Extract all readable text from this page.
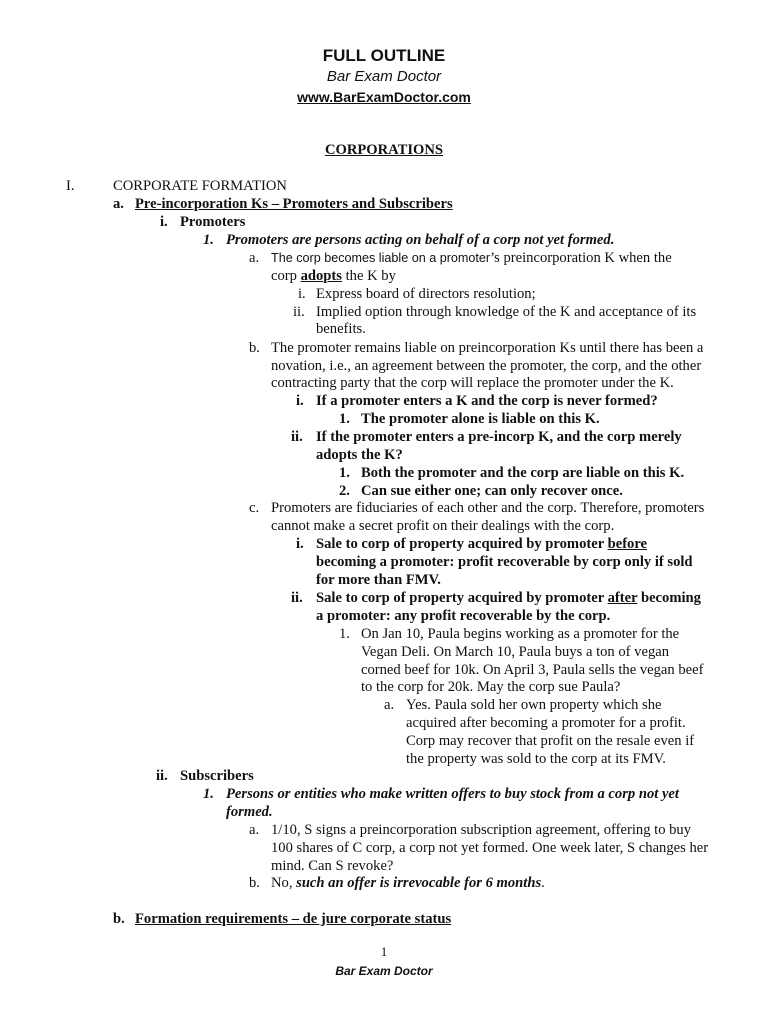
FULL OUTLINE
Bar Exam Doctor
www.BarExamDoctor.com
CORPORATIONS
I.	CORPORATE FORMATION
a. Pre-incorporation Ks – Promoters and Subscribers
i. Promoters
1. Promoters are persons acting on behalf of a corp not yet formed.
a. The corp becomes liable on a promoter’s preincorporation K when the
corp adopts the K by
i. Express board of directors resolution;
ii. Implied option through knowledge of the K and acceptance of its
benefits.
b. The promoter remains liable on preincorporation Ks until there has been a
novation, i.e., an agreement between the promoter, the corp, and the other
contracting party that the corp will replace the promoter under the K.
i. If a promoter enters a K and the corp is never formed?
1. The promoter alone is liable on this K.
ii. If the promoter enters a pre-incorp K, and the corp merely
adopts the K?
1. Both the promoter and the corp are liable on this K.
2. Can sue either one; can only recover once.
c. Promoters are fiduciaries of each other and the corp. Therefore, promoters
cannot make a secret profit on their dealings with the corp.
i. Sale to corp of property acquired by promoter before
becoming a promoter: profit recoverable by corp only if sold
for more than FMV.
ii. Sale to corp of property acquired by promoter after becoming
a promoter: any profit recoverable by the corp.
1. On Jan 10, Paula begins working as a promoter for the
Vegan Deli. On March 10, Paula buys a ton of vegan
corned beef for 10k. On April 3, Paula sells the vegan beef
to the corp for 20k. May the corp sue Paula?
a. Yes. Paula sold her own property which she
acquired after becoming a promoter for a profit.
Corp may recover that profit on the resale even if
the property was sold to the corp at its FMV.
ii. Subscribers
1. Persons or entities who make written offers to buy stock from a corp not yet
formed.
a. 1/10, S signs a preincorporation subscription agreement, offering to buy
100 shares of C corp, a corp not yet formed. One week later, S changes her
mind. Can S revoke?
b. No, such an offer is irrevocable for 6 months.
b. Formation requirements – de jure corporate status
1
Bar Exam Doctor
